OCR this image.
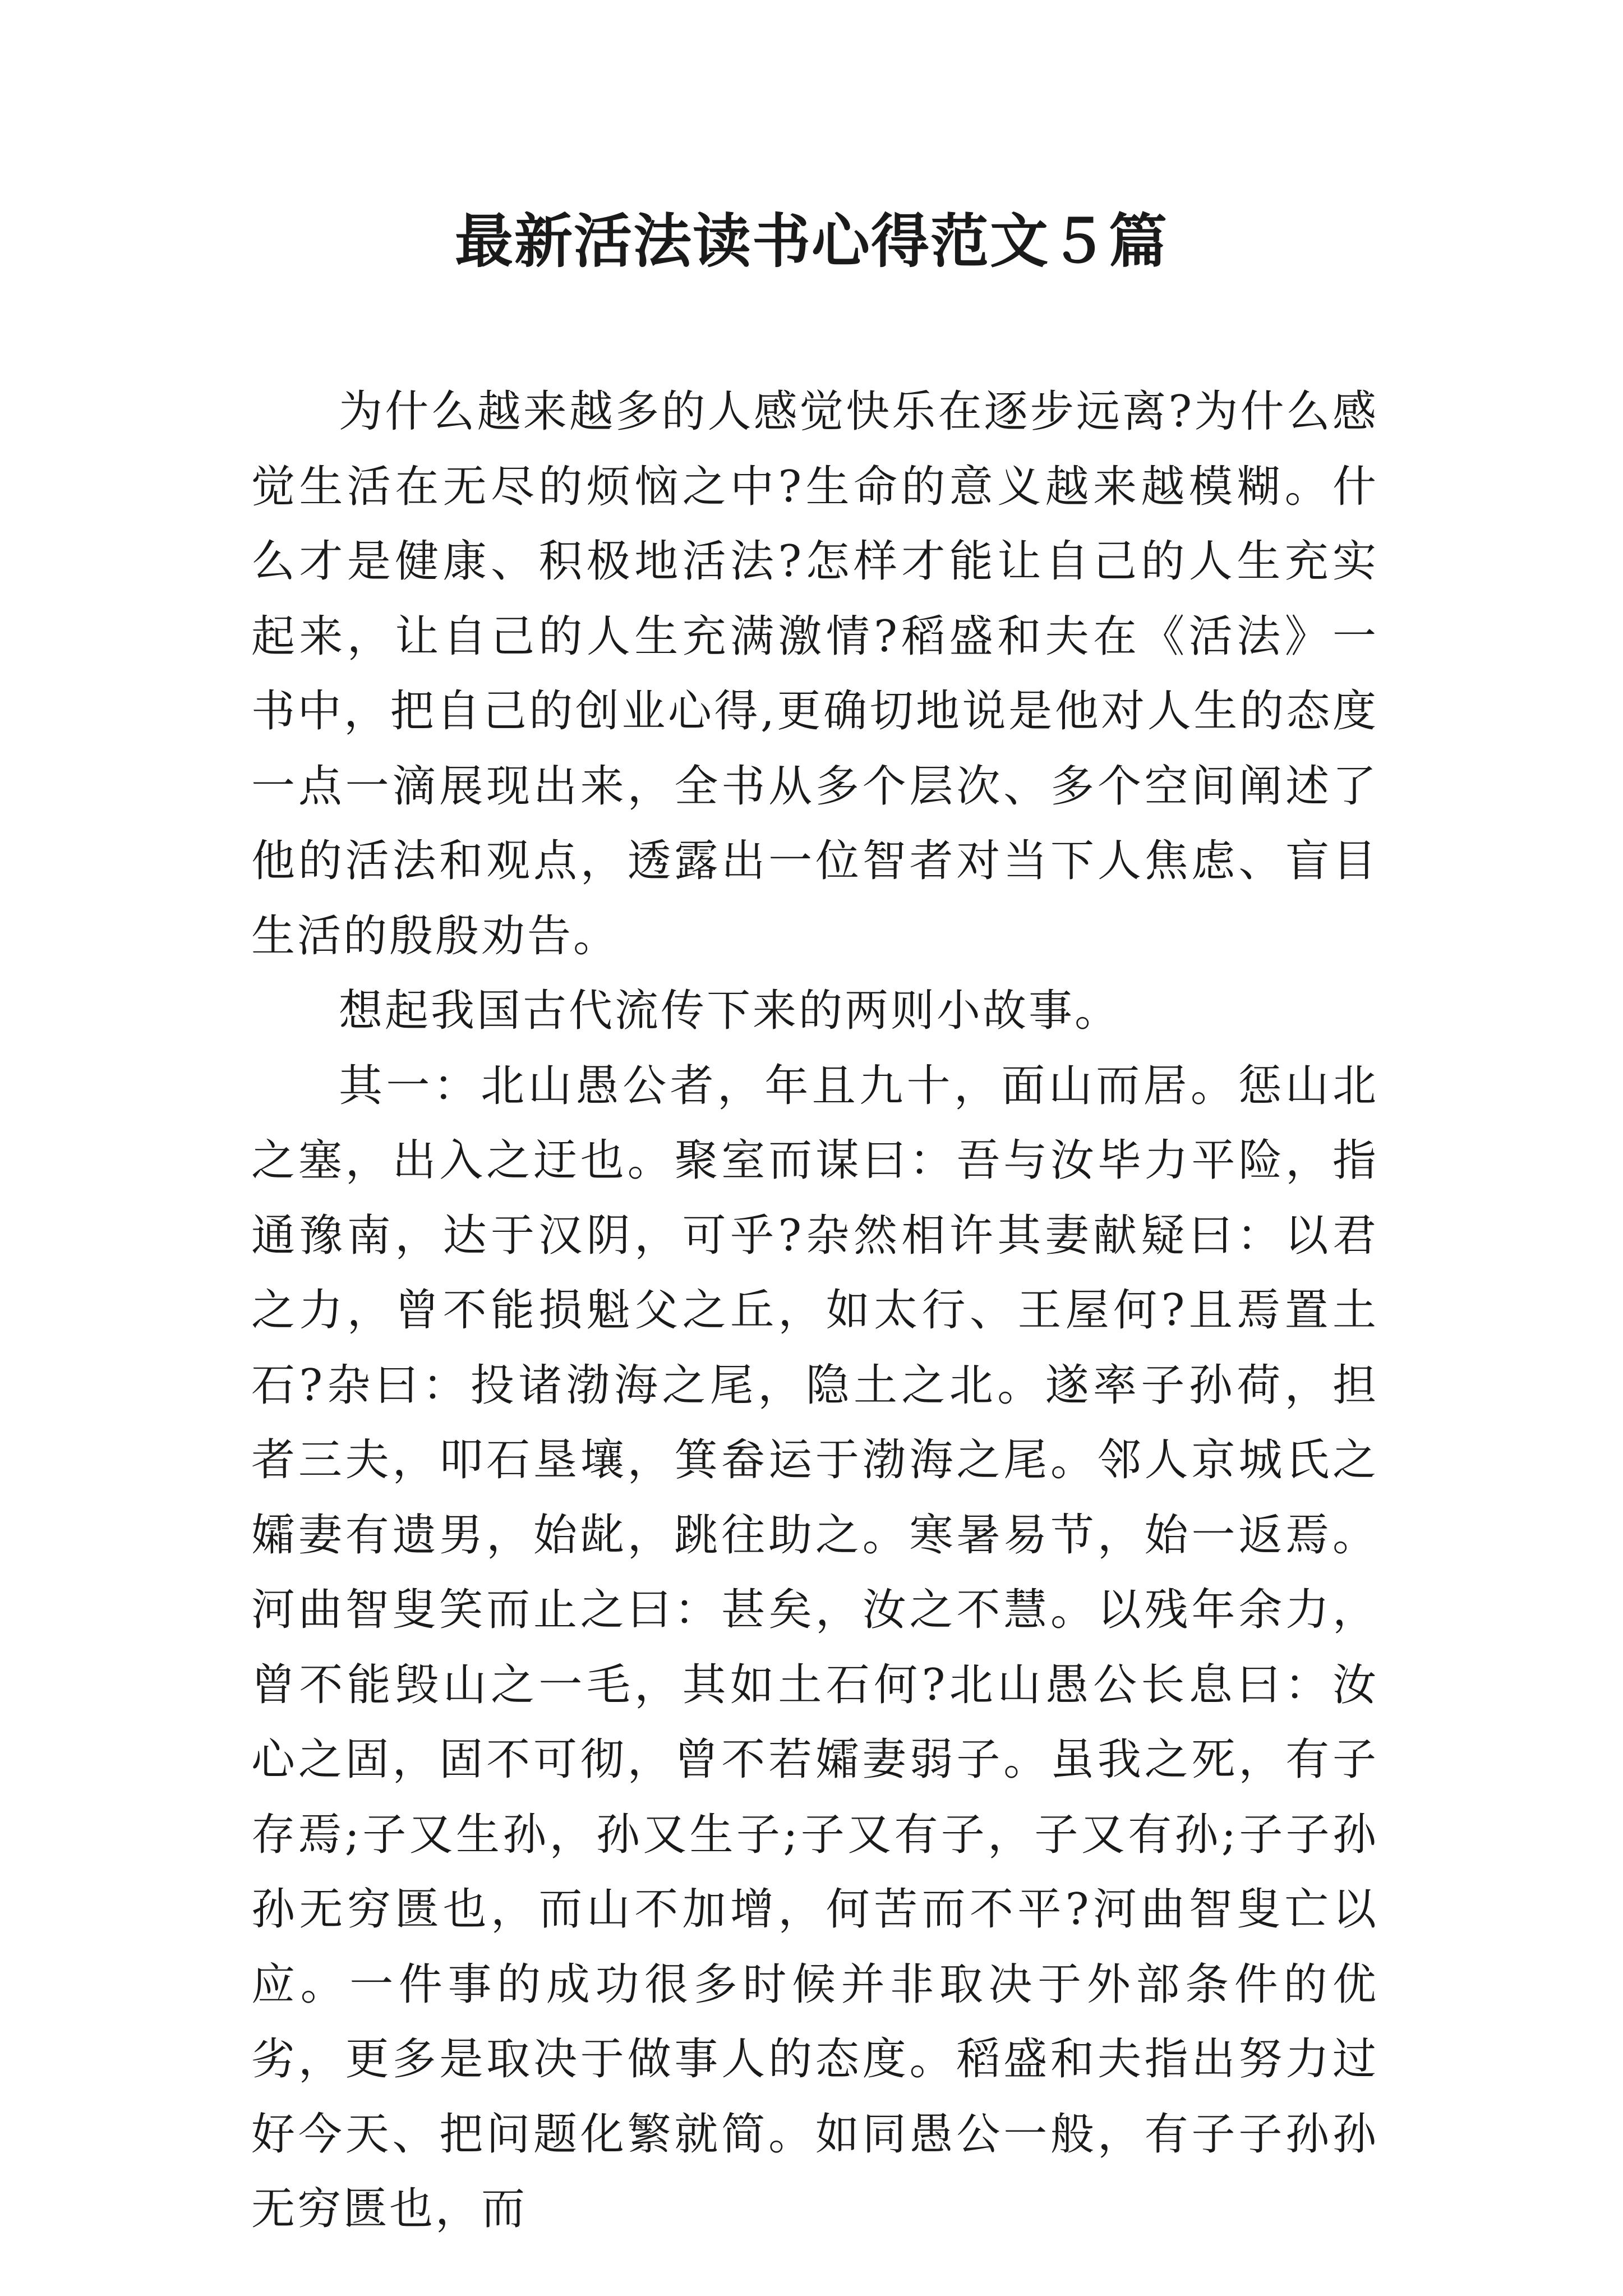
最新活法读书心得范文５篇

为什么越来越多的人感觉快乐在逐步远离?为什么感觉生活在无尽的烦恼之中?生命的意义越来越模糊。什么才是健康、积极地活法?怎样才能让自己的人生充实起来，让自己的人生充满激情?稻盛和夫在《活法》一书中，把自己的创业心得,更确切地说是他对人生的态度一点一滴展现出来，全书从多个层次、多个空间阐述了他的活法和观点，透露出一位智者对当下人焦虑、盲目生活的殷殷劝告。

想起我国古代流传下来的两则小故事。

其一：北山愚公者，年且九十，面山而居。惩山北之塞，出入之迂也。聚室而谋曰：吾与汝毕力平险，指通豫南，达于汉阴，可乎?杂然相许其妻献疑曰：以君之力，曾不能损魁父之丘，如太行、王屋何?且焉置土石?杂曰：投诸渤海之尾，隐土之北。遂率子孙荷，担者三夫，叩石垦壤，箕畚运于渤海之尾。邻人京城氏之孀妻有遗男，始龀，跳往助之。寒暑易节，始一返焉。河曲智叟笑而止之曰：甚矣，汝之不慧。以残年余力，曾不能毁山之一毛，其如土石何?北山愚公长息曰：汝心之固，固不可彻，曾不若孀妻弱子。虽我之死，有子存焉;子又生孙，孙又生子;子又有子，子又有孙;子子孙孙无穷匮也，而山不加增，何苦而不平?河曲智叟亡以应。一件事的成功很多时候并非取决于外部条件的优劣，更多是取决于做事人的态度。稻盛和夫指出努力过好今天、把问题化繁就简。如同愚公一般，有子子孙孙无穷匮也，而
